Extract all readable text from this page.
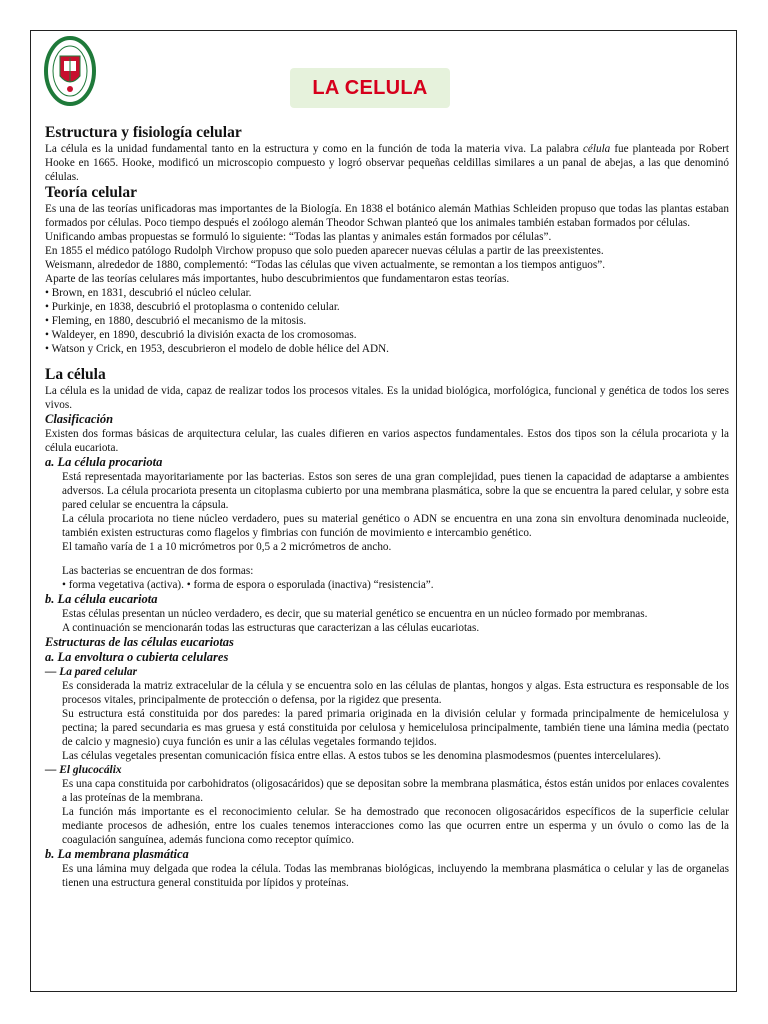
LA CELULA
Estructura y fisiología celular

La célula es la unidad fundamental tanto en la estructura y como en la función de toda la materia viva. La palabra célula fue planteada por Robert Hooke en 1665. Hooke, modificó un microscopio compuesto y logró observar pequeñas celdillas similares a un panal de abejas, a las que denominó células.

Teoría celular

Es una de las teorías unificadoras mas importantes de la Biología. En 1838 el botánico alemán Mathias Schleiden propuso que todas las plantas estaban formados por células. Poco tiempo después el zoólogo alemán Theodor Schwan planteó que los animales también estaban formados por células.

Unificando ambas propuestas se formuló lo siguiente: “Todas las plantas y animales están formados por células”.

En 1855 el médico patólogo Rudolph Virchow propuso que solo pueden aparecer nuevas células a partir de las preexistentes.

Weismann, alrededor de 1880, complementó: “Todas las células que viven actualmente, se remontan a los tiempos antiguos”.

Aparte de las teorías celulares más importantes, hubo descubrimientos que fundamentaron estas teorías.

• Brown, en 1831, descubrió el núcleo celular.

• Purkinje, en 1838, descubrió el protoplasma o contenido celular.

• Fleming, en 1880, descubrió el mecanismo de la mitosis.

• Waldeyer, en 1890, descubrió la división exacta de los cromosomas.

• Watson y Crick, en 1953, descubrieron el modelo de doble hélice del ADN.

La célula

La célula es la unidad de vida, capaz de realizar todos los procesos vitales. Es la unidad biológica, morfológica, funcional y genética de todos los seres vivos.

Clasificación

Existen dos formas básicas de arquitectura celular, las cuales difieren en varios aspectos fundamentales. Estos dos tipos son la célula procariota y la célula eucariota.

a. La célula procariota

Está representada mayoritariamente por las bacterias. Estos son seres de una gran complejidad, pues tienen la capacidad de adaptarse a ambientes adversos. La célula procariota presenta un citoplasma cubierto por una membrana plasmática, sobre la que se encuentra la pared celular, y sobre esta pared celular se encuentra la cápsula.

La célula procariota no tiene núcleo verdadero, pues su material genético o ADN se encuentra en una zona sin envoltura denominada nucleoide, también existen estructuras como flagelos y fimbrias con función de movimiento e intercambio genético.

El tamaño varía de 1 a 10 micrómetros por 0,5 a 2 micrómetros de ancho.

Las bacterias se encuentran de dos formas:

• forma vegetativa (activa). • forma de espora o esporulada (inactiva) “resistencia”.

b. La célula eucariota

Estas células presentan un núcleo verdadero, es decir, que su material genético se encuentra en un núcleo formado por membranas.

A continuación se mencionarán todas las estructuras que caracterizan a las células eucariotas.

Estructuras de las células eucariotas
a. La envoltura o cubierta celulares
— La pared celular

Es considerada la matriz extracelular de la célula y se encuentra solo en las células de plantas, hongos y algas. Esta estructura es responsable de los procesos vitales, principalmente de protección o defensa, por la rigidez que presenta.

Su estructura está constituida por dos paredes: la pared primaria originada en la división celular y formada principalmente de hemicelulosa y pectina; la pared secundaria es mas gruesa y está constituida por celulosa y hemicelulosa principalmente, también tiene una lámina media (pectato de calcio y magnesio) cuya función es unir a las células vegetales formando tejidos.

Las células vegetales presentan comunicación física entre ellas. A estos tubos se les denomina plasmodesmos (puentes intercelulares).

— El glucocálix

Es una capa constituida por carbohidratos (oligosacáridos) que se depositan sobre la membrana plasmática, éstos están unidos por enlaces covalentes a las proteínas de la membrana.

La función más importante es el reconocimiento celular. Se ha demostrado que reconocen oligosacáridos específicos de la superficie celular mediante procesos de adhesión, entre los cuales tenemos interacciones como las que ocurren entre un esperma y un óvulo o como las de la coagulación sanguínea, además funciona como receptor químico.

b. La membrana plasmática

Es una lámina muy delgada que rodea la célula. Todas las membranas biológicas, incluyendo la membrana plasmática o celular y las de organelas tienen una estructura general constituida por lípidos y proteínas.
